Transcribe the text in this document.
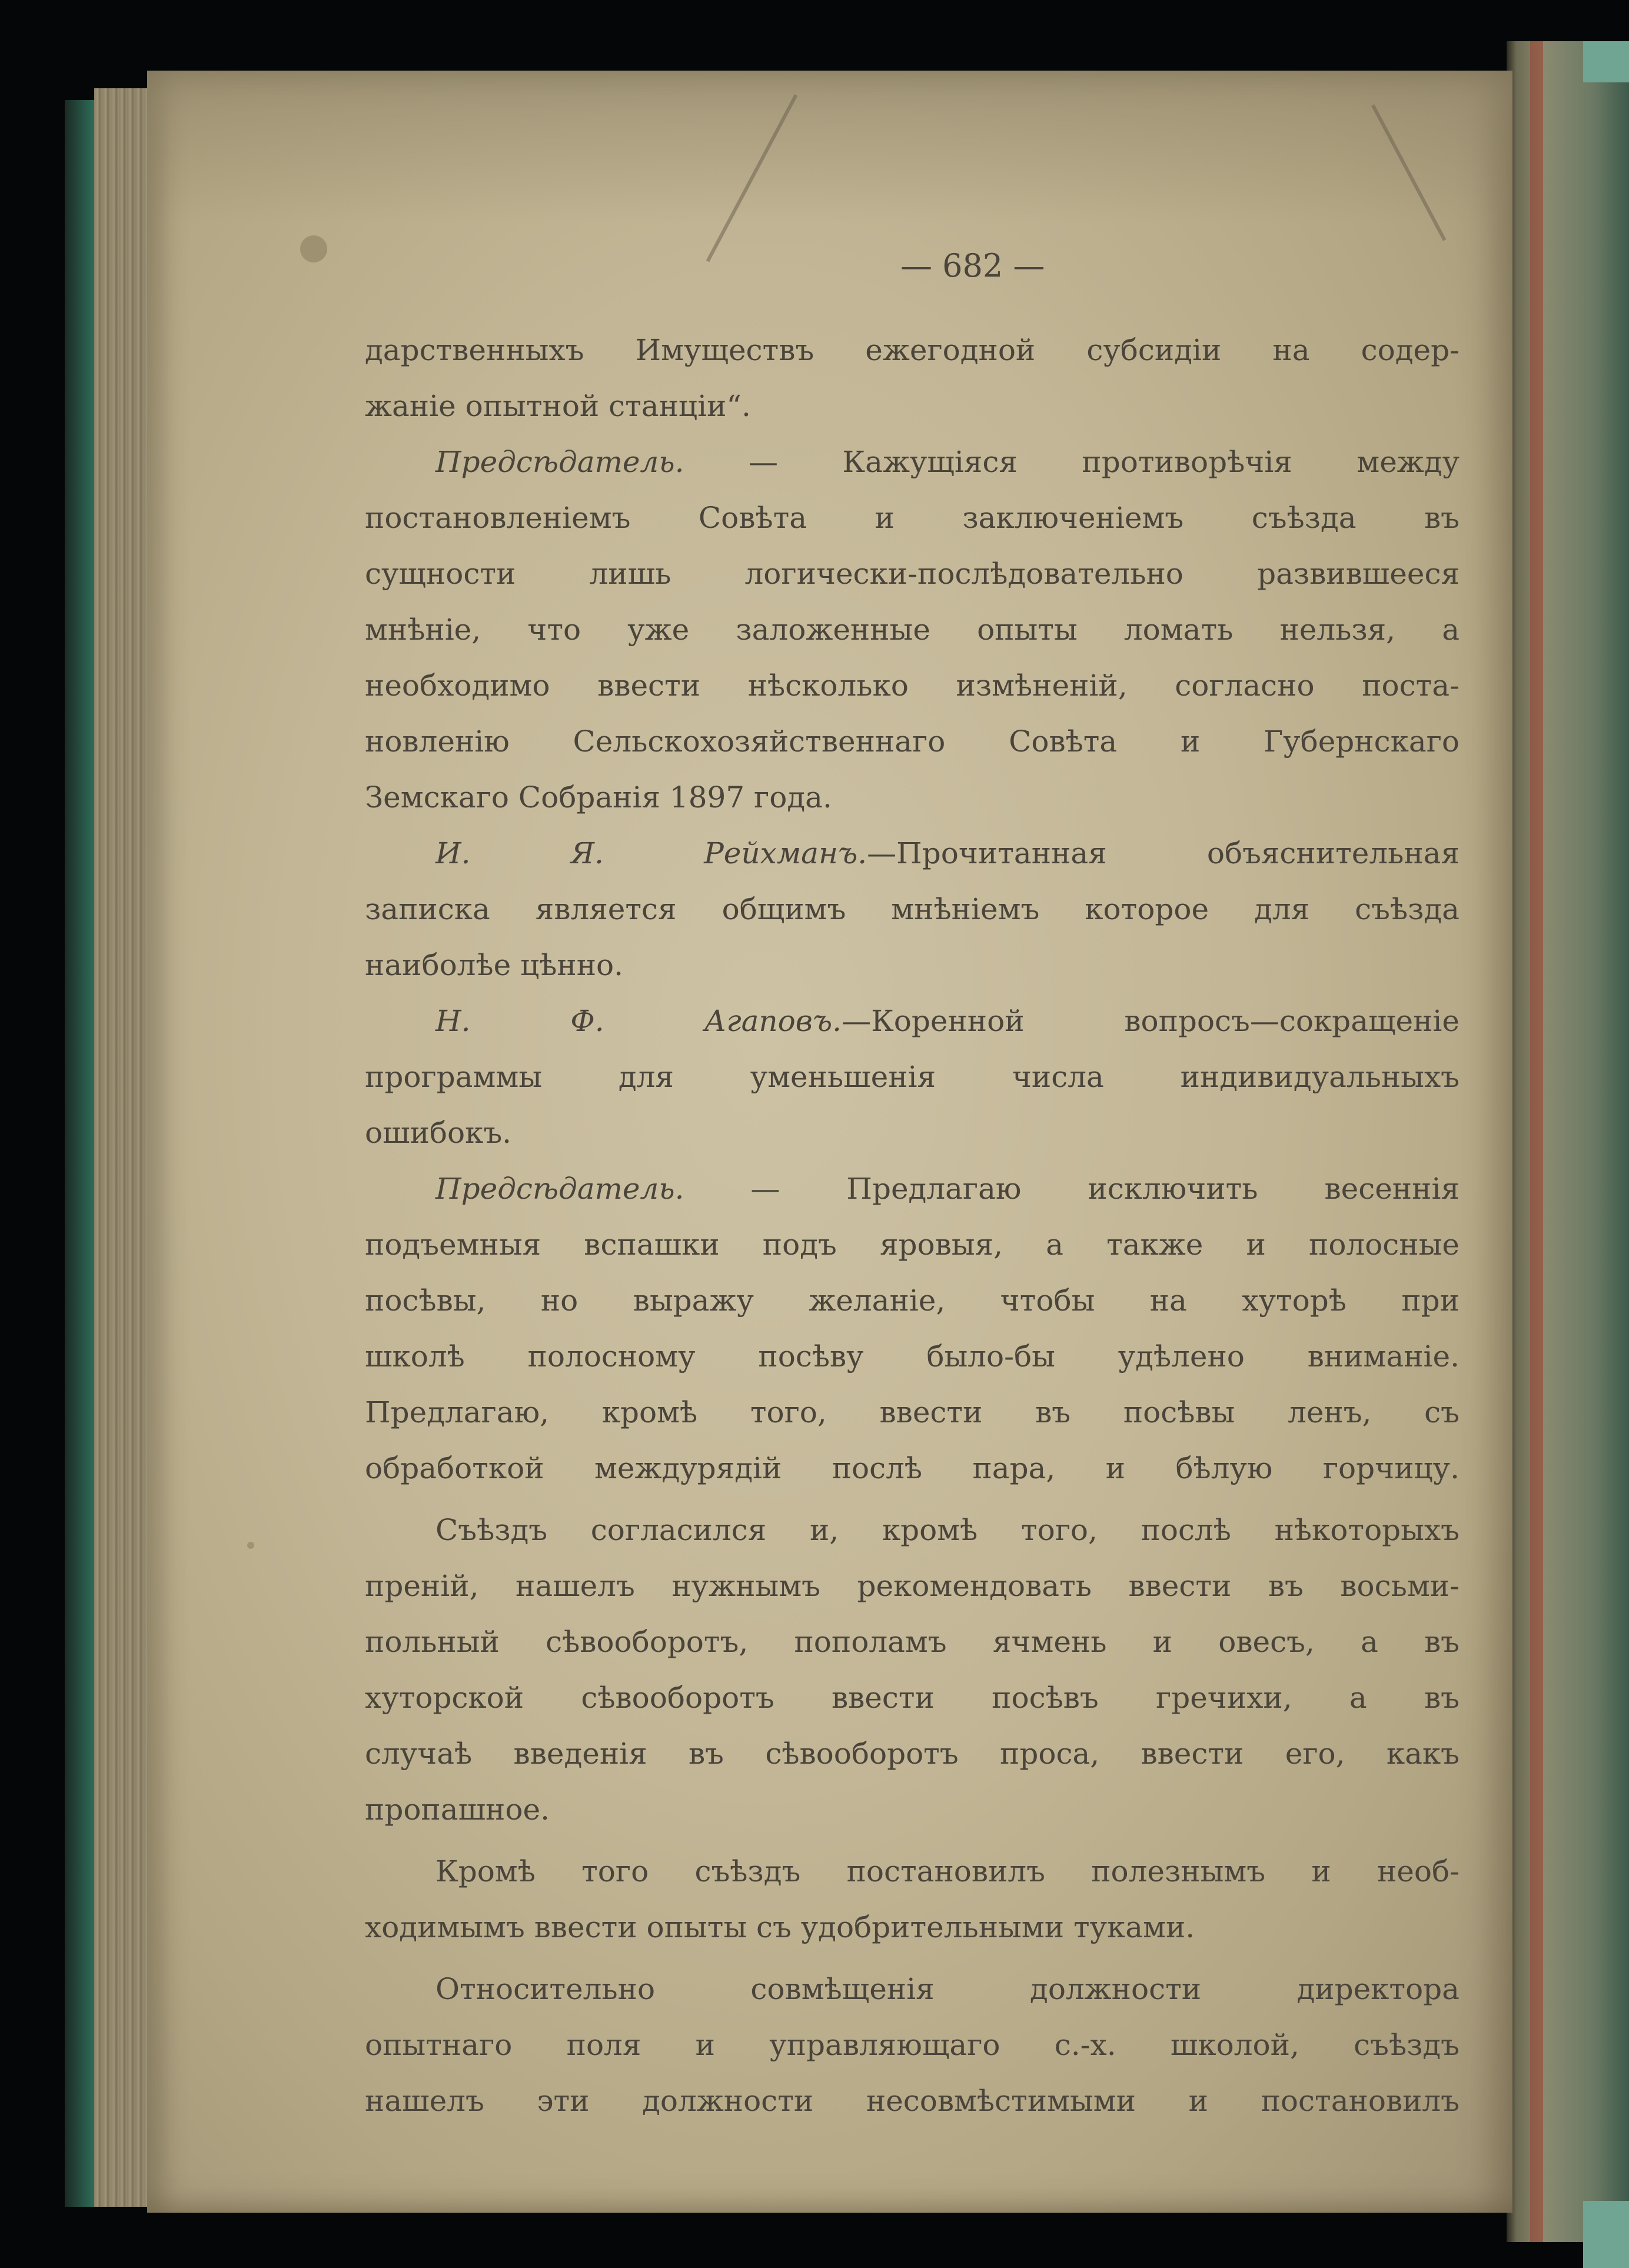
— 682 —
дарственныхъ Имуществъ ежегодной субсидіи на содер-
жаніе опытной станціи“.
Предсѣдатель. — Кажущіяся противорѣчія между
постановленіемъ Совѣта и заключеніемъ съѣзда въ
сущности лишь логически-послѣдовательно развившееся
мнѣніе, что уже заложенные опыты ломать нельзя, а
необходимо ввести нѣсколько измѣненій, согласно поста-
новленію Сельскохозяйственнаго Совѣта и Губернскаго
Земскаго Собранія 1897 года.
И. Я. Рейхманъ.—Прочитанная объяснительная
записка является общимъ мнѣніемъ которое для съѣзда
наиболѣе цѣнно.
Н. Ф. Агаповъ.—Коренной вопросъ—сокращеніе
программы для уменьшенія числа индивидуальныхъ
ошибокъ.
Предсѣдатель. — Предлагаю исключить весеннія
подъемныя вспашки подъ яровыя, а также и полосные
посѣвы, но выражу желаніе, чтобы на хуторѣ при
школѣ полосному посѣву было-бы удѣлено вниманіе.
Предлагаю, кромѣ того, ввести въ посѣвы ленъ, съ
обработкой междурядій послѣ пара, и бѣлую горчицу.
Съѣздъ согласился и, кромѣ того, послѣ нѣкоторыхъ
преній, нашелъ нужнымъ рекомендовать ввести въ восьми-
польный сѣвооборотъ, пополамъ ячмень и овесъ, а въ
хуторской сѣвооборотъ ввести посѣвъ гречихи, а въ
случаѣ введенія въ сѣвооборотъ проса, ввести его, какъ
пропашное.
Кромѣ того съѣздъ постановилъ полезнымъ и необ-
ходимымъ ввести опыты съ удобрительными туками.
Относительно совмѣщенія должности директора
опытнаго поля и управляющаго с.-х. школой, съѣздъ
нашелъ эти должности несовмѣстимыми и постановилъ
